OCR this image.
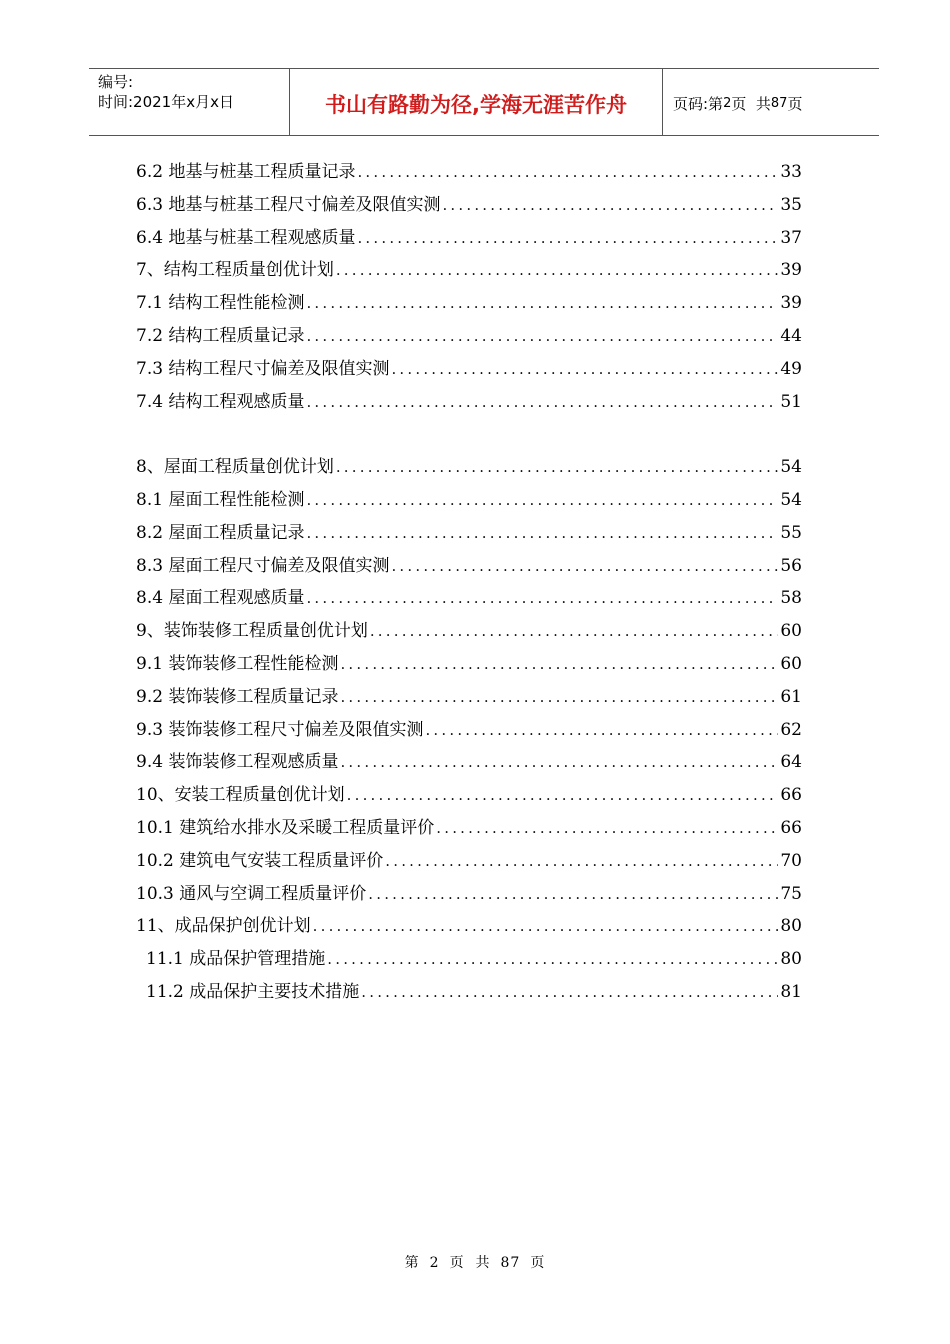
编号:
时间:2021年x月x日	书山有路勤为径,学海无涯苦作舟	页码:第 2 页  共 87 页
6.2 地基与桩基工程质量记录 .....	33
6.3 地基与桩基工程尺寸偏差及限值实测 .....	35
6.4 地基与桩基工程观感质量 .....	37
7、结构工程质量创优计划 .....	39
7.1 结构工程性能检测 .....	39
7.2 结构工程质量记录 .....	44
7.3 结构工程尺寸偏差及限值实测 .....	49
7.4 结构工程观感质量 .....	51
8、屋面工程质量创优计划 .....	54
8.1 屋面工程性能检测 .....	54
8.2 屋面工程质量记录 .....	55
8.3 屋面工程尺寸偏差及限值实测 .....	56
8.4 屋面工程观感质量 .....	58
9、装饰装修工程质量创优计划 .....	60
9.1 装饰装修工程性能检测 .....	60
9.2 装饰装修工程质量记录 .....	61
9.3 装饰装修工程尺寸偏差及限值实测 .....	62
9.4 装饰装修工程观感质量 .....	64
10、安装工程质量创优计划 .....	66
10.1 建筑给水排水及采暖工程质量评价 .....	66
10.2 建筑电气安装工程质量评价 .....	70
10.3 通风与空调工程质量评价 .....	75
11、成品保护创优计划 .....	80
11.1 成品保护管理措施 .....	80
11.2 成品保护主要技术措施 .....	81
第 2 页  共 87 页
